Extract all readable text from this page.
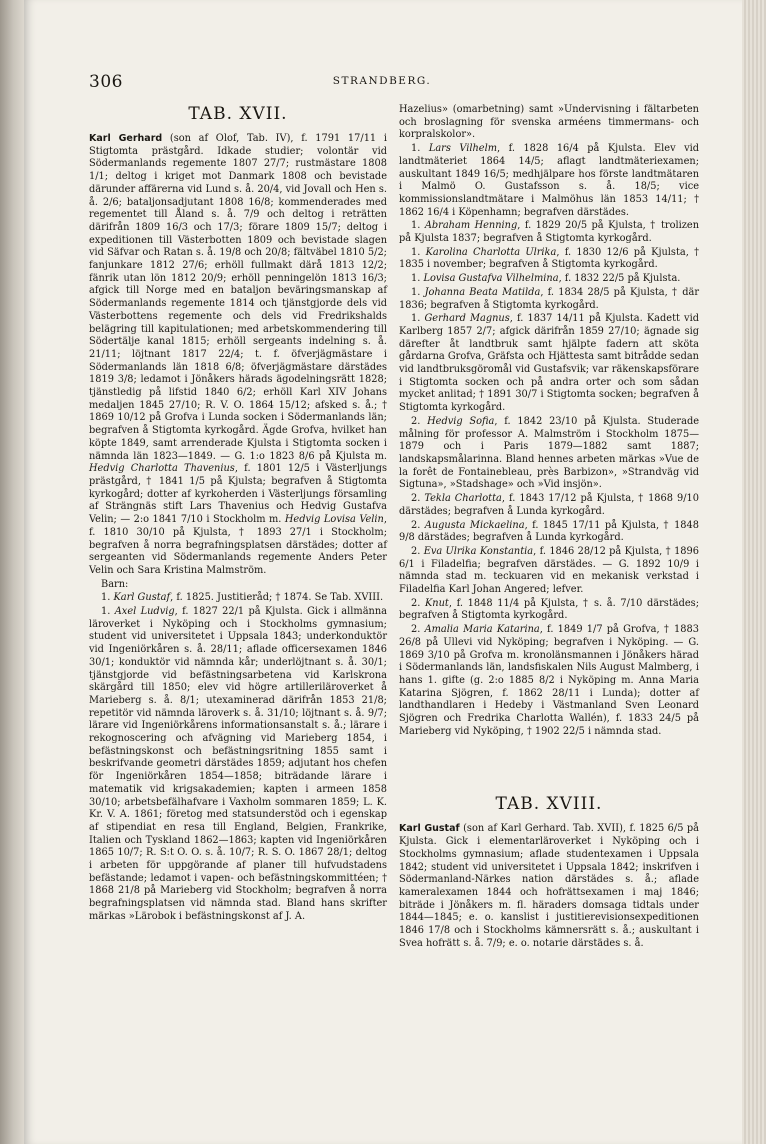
306	STRANDBERG.
TAB. XVII.

Karl Gerhard (son af Olof, Tab. IV), f. 1791 17/11 i Stigtomta prästgård. Idkade studier; volontär vid Södermanlands regemente 1807 27/7; rustmästare 1808 1/1; deltog i kriget mot Danmark 1808 och bevistade därunder affärerna vid Lund s. å. 20/4, vid Jovall och Hen s. å. 2/6; bataljonsadjutant 1808 16/8; kommenderades med regementet till Åland s. å. 7/9 och deltog i reträtten därifrån 1809 16/3 och 17/3; förare 1809 15/7; deltog i expeditionen till Västerbotten 1809 och bevistade slagen vid Säfvar och Ratan s. å. 19/8 och 20/8; fältväbel 1810 5/2; fanjunkare 1812 27/6; erhöll fullmakt därå 1813 12/2; fänrik utan lön 1812 20/9; erhöll penningelön 1813 16/3; afgick till Norge med en bataljon beväringsmanskap af Södermanlands regemente 1814 och tjänstgjorde dels vid Västerbottens regemente och dels vid Fredrikshalds belägring till kapitulationen; med arbetskommendering till Södertälje kanal 1815; erhöll sergeants indelning s. å. 21/11; löjtnant 1817 22/4; t. f. öfverjägmästare i Södermanlands län 1818 6/8; öfverjägmästare därstädes 1819 3/8; ledamot i Jönåkers härads ägodelningsrätt 1828; tjänstledig på lifstid 1840 6/2; erhöll Karl XIV Johans medaljen 1845 27/10; R. V. O. 1864 15/12; afsked s. å.; † 1869 10/12 på Grofva i Lunda socken i Södermanlands län; begrafven å Stigtomta kyrkogård. Ägde Grofva, hvilket han köpte 1849, samt arrenderade Kjulsta i Stigtomta socken i nämnda län 1823—1849. — G. 1:o 1823 8/6 på Kjulsta m. Hedvig Charlotta Thavenius, f. 1801 12/5 i Västerljungs prästgård, † 1841 1/5 på Kjulsta; begrafven å Stigtomta kyrkogård; dotter af kyrkoherden i Västerljungs församling af Strängnäs stift Lars Thavenius och Hedvig Gustafva Velin; — 2:o 1841 7/10 i Stockholm m. Hedvig Lovisa Velin, f. 1810 30/10 på Kjulsta, † 1893 27/1 i Stockholm; begrafven å norra begrafningsplatsen därstädes; dotter af sergeanten vid Södermanlands regemente Anders Peter Velin och Sara Kristina Malmström.

Barn:

1. Karl Gustaf, f. 1825. Justitieråd; † 1874. Se Tab. XVIII.

1. Axel Ludvig, f. 1827 22/1 på Kjulsta. Gick i allmänna läroverket i Nyköping och i Stockholms gymnasium; student vid universitetet i Uppsala 1843; underkonduktör vid Ingeniörkåren s. å. 28/11; aflade officersexamen 1846 30/1; konduktör vid nämnda kår; underlöjtnant s. å. 30/1; tjänstgjorde vid befästningsarbetena vid Karlskrona skärgård till 1850; elev vid högre artilleriläroverket å Marieberg s. å. 8/1; utexaminerad därifrån 1853 21/8; repetitör vid nämnda läroverk s. å. 31/10; löjtnant s. å. 9/7; lärare vid Ingeniörkårens informationsanstalt s. å.; lärare i rekognoscering och afvägning vid Marieberg 1854, i befästningskonst och befästningsritning 1855 samt i beskrifvande geometri därstädes 1859; adjutant hos chefen för Ingeniörkåren 1854—1858; biträdande lärare i matematik vid krigsakademien; kapten i armeen 1858 30/10; arbetsbefälhafvare i Vaxholm sommaren 1859; L. K. Kr. V. A. 1861; företog med statsunderstöd och i egenskap af stipendiat en resa till England, Belgien, Frankrike, Italien och Tyskland 1862—1863; kapten vid Ingeniörkåren 1865 10/7; R. S:t O. O. s. å. 10/7; R. S. O. 1867 28/1; deltog i arbeten för uppgörande af planer till hufvudstadens befästande; ledamot i vapen- och befästningskommittéen; † 1868 21/8 på Marieberg vid Stockholm; begrafven å norra begrafningsplatsen vid nämnda stad. Bland hans skrifter märkas »Lärobok i befästningskonst af J. A.

Hazelius» (omarbetning) samt »Undervisning i fältarbeten och broslagning för svenska arméens timmermans- och korpralskolor».

1. Lars Vilhelm, f. 1828 16/4 på Kjulsta. Elev vid landtmäteriet 1864 14/5; aflagt landtmäteriexamen; auskultant 1849 16/5; medhjälpare hos förste landtmätaren i Malmö O. Gustafsson s. å. 18/5; vice kommissionslandtmätare i Malmöhus län 1853 14/11; † 1862 16/4 i Köpenhamn; begrafven därstädes.

1. Abraham Henning, f. 1829 20/5 på Kjulsta, † trolizen på Kjulsta 1837; begrafven å Stigtomta kyrkogård.

1. Karolina Charlotta Ulrika, f. 1830 12/6 på Kjulsta, † 1835 i november; begrafven å Stigtomta kyrkogård.

1. Lovisa Gustafva Vilhelmina, f. 1832 22/5 på Kjulsta.

1. Johanna Beata Matilda, f. 1834 28/5 på Kjulsta, † där 1836; begrafven å Stigtomta kyrkogård.

1. Gerhard Magnus, f. 1837 14/11 på Kjulsta. Kadett vid Karlberg 1857 2/7; afgick därifrån 1859 27/10; ägnade sig därefter åt landtbruk samt hjälpte fadern att sköta gårdarna Grofva, Gräfsta och Hjättesta samt bitrådde sedan vid landtbruksgöromål vid Gustafsvik; var räkenskapsförare i Stigtomta socken och på andra orter och som sådan mycket anlitad; † 1891 30/7 i Stigtomta socken; begrafven å Stigtomta kyrkogård.

2. Hedvig Sofia, f. 1842 23/10 på Kjulsta. Studerade målning för professor A. Malmström i Stockholm 1875—1879 och i Paris 1879—1882 samt 1887; landskapsmålarinna. Bland hennes arbeten märkas »Vue de la forêt de Fontainebleau, près Barbizon», »Strandväg vid Sigtuna», »Stadshage» och »Vid insjön».

2. Tekla Charlotta, f. 1843 17/12 på Kjulsta, † 1868 9/10 därstädes; begrafven å Lunda kyrkogård.

2. Augusta Mickaelina, f. 1845 17/11 på Kjulsta, † 1848 9/8 därstädes; begrafven å Lunda kyrkogård.

2. Eva Ulrika Konstantia, f. 1846 28/12 på Kjulsta, † 1896 6/1 i Filadelfia; begrafven därstädes. — G. 1892 10/9 i nämnda stad m. teckuaren vid en mekanisk verkstad i Filadelfia Karl Johan Angered; lefver.

2. Knut, f. 1848 11/4 på Kjulsta, † s. å. 7/10 därstädes; begrafven å Stigtomta kyrkogård.

2. Amalia Maria Katarina, f. 1849 1/7 på Grofva, † 1883 26/8 på Ullevi vid Nyköping; begrafven i Nyköping. — G. 1869 3/10 på Grofva m. kronolänsmannen i Jönåkers härad i Södermanlands län, landsfiskalen Nils August Malmberg, i hans 1. gifte (g. 2:o 1885 8/2 i Nyköping m. Anna Maria Katarina Sjögren, f. 1862 28/11 i Lunda); dotter af landthandlaren i Hedeby i Västmanland Sven Leonard Sjögren och Fredrika Charlotta Wallén), f. 1833 24/5 på Marieberg vid Nyköping, † 1902 22/5 i nämnda stad.

TAB. XVIII.

Karl Gustaf (son af Karl Gerhard. Tab. XVII), f. 1825 6/5 på Kjulsta. Gick i elementarläroverket i Nyköping och i Stockholms gymnasium; aflade studentexamen i Uppsala 1842; student vid universitetet i Uppsala 1842; inskrifven i Södermanland-Närkes nation därstädes s. å.; aflade kameralexamen 1844 och hofrättsexamen i maj 1846; biträde i Jönåkers m. fl. häraders domsaga tidtals under 1844—1845; e. o. kanslist i justitierevisionsexpeditionen 1846 17/8 och i Stockholms kämnersrätt s. å.; auskultant i Svea hofrätt s. å. 7/9; e. o. notarie därstädes s. å.
